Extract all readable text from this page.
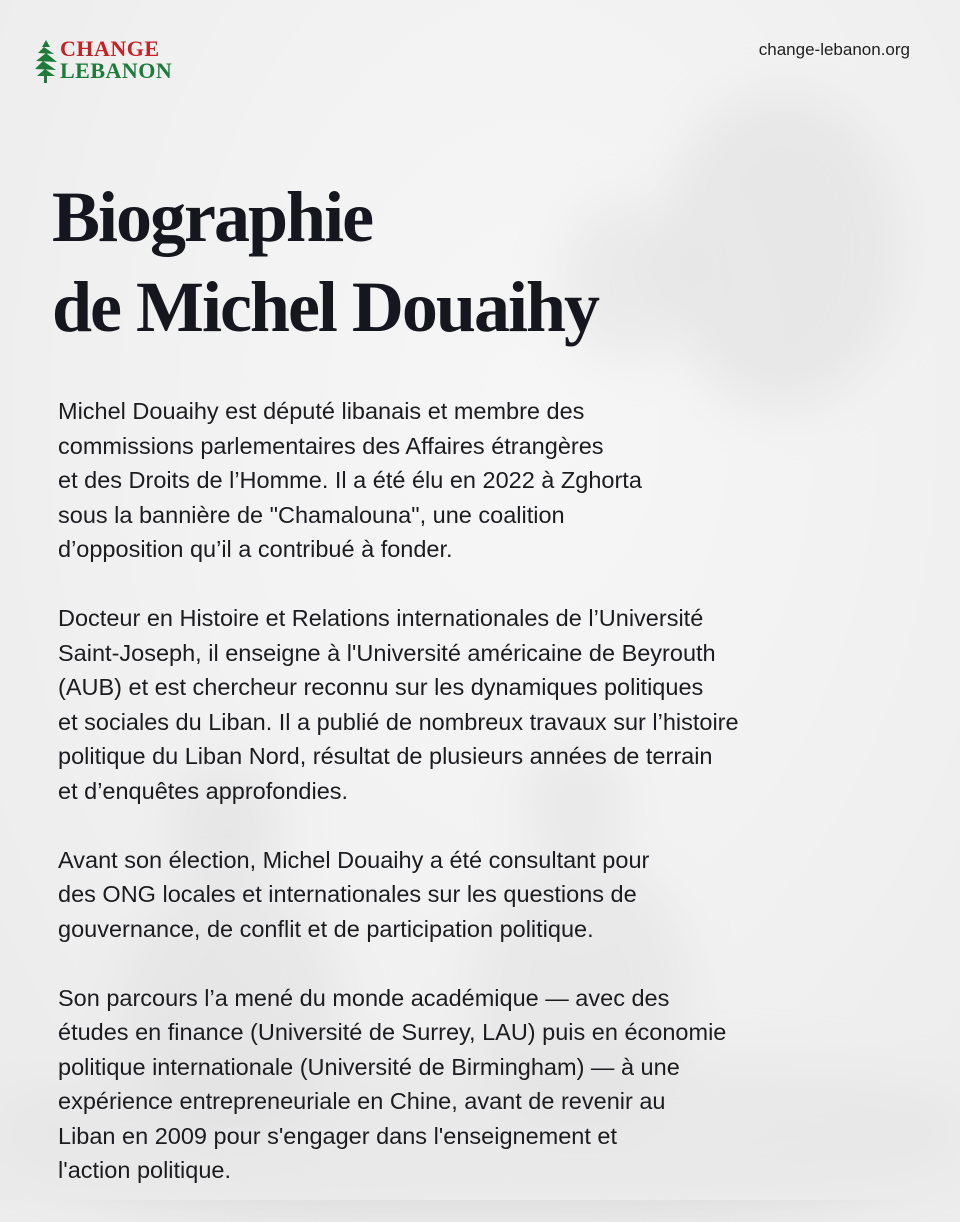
CHANGE
LEBANON
change-lebanon.org
Biographie
de Michel Douaihy

Michel Douaihy est député libanais et membre des
commissions parlementaires des Affaires étrangères
et des Droits de l’Homme. Il a été élu en 2022 à Zghorta
sous la bannière de "Chamalouna", une coalition
d’opposition qu’il a contribué à fonder.

Docteur en Histoire et Relations internationales de l’Université
Saint-Joseph, il enseigne à l'Université américaine de Beyrouth
(AUB) et est chercheur reconnu sur les dynamiques politiques
et sociales du Liban. Il a publié de nombreux travaux sur l’histoire
politique du Liban Nord, résultat de plusieurs années de terrain
et d’enquêtes approfondies.

Avant son élection, Michel Douaihy a été consultant pour
des ONG locales et internationales sur les questions de
gouvernance, de conflit et de participation politique.

Son parcours l’a mené du monde académique — avec des
études en finance (Université de Surrey, LAU) puis en économie
politique internationale (Université de Birmingham) — à une
expérience entrepreneuriale en Chine, avant de revenir au
Liban en 2009 pour s'engager dans l'enseignement et
l'action politique.
